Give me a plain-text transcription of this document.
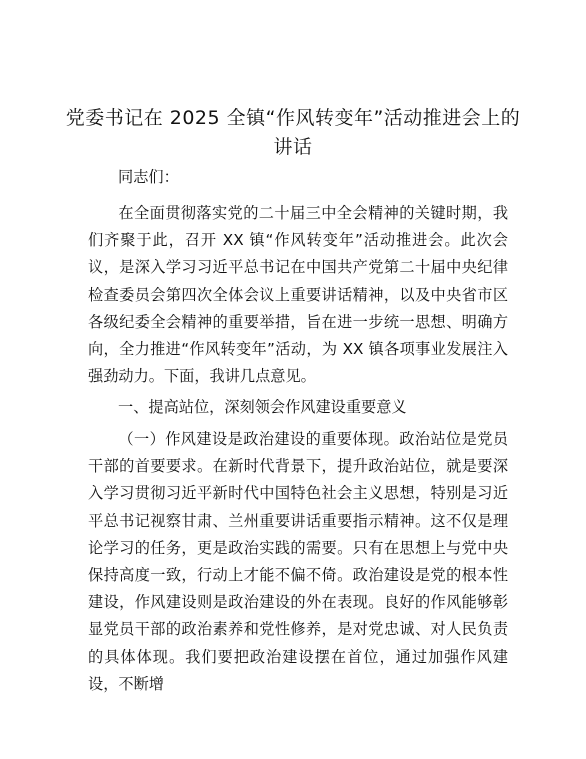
党委书记在 2025 全镇“作风转变年”活动推进会上的讲话

同志们：

在全面贯彻落实党的二十届三中全会精神的关键时期，我们齐聚于此，召开 XX 镇“作风转变年”活动推进会。此次会议，是深入学习习近平总书记在中国共产党第二十届中央纪律检查委员会第四次全体会议上重要讲话精神，以及中央省市区各级纪委全会精神的重要举措，旨在进一步统一思想、明确方向，全力推进“作风转变年”活动，为 XX 镇各项事业发展注入强劲动力。下面，我讲几点意见。

一、提高站位，深刻领会作风建设重要意义

（一）作风建设是政治建设的重要体现。政治站位是党员干部的首要要求。在新时代背景下，提升政治站位，就是要深入学习贯彻习近平新时代中国特色社会主义思想，特别是习近平总书记视察甘肃、兰州重要讲话重要指示精神。这不仅是理论学习的任务，更是政治实践的需要。只有在思想上与党中央保持高度一致，行动上才能不偏不倚。政治建设是党的根本性建设，作风建设则是政治建设的外在表现。良好的作风能够彰显党员干部的政治素养和党性修养，是对党忠诚、对人民负责的具体体现。我们要把政治建设摆在首位，通过加强作风建设，不断增
